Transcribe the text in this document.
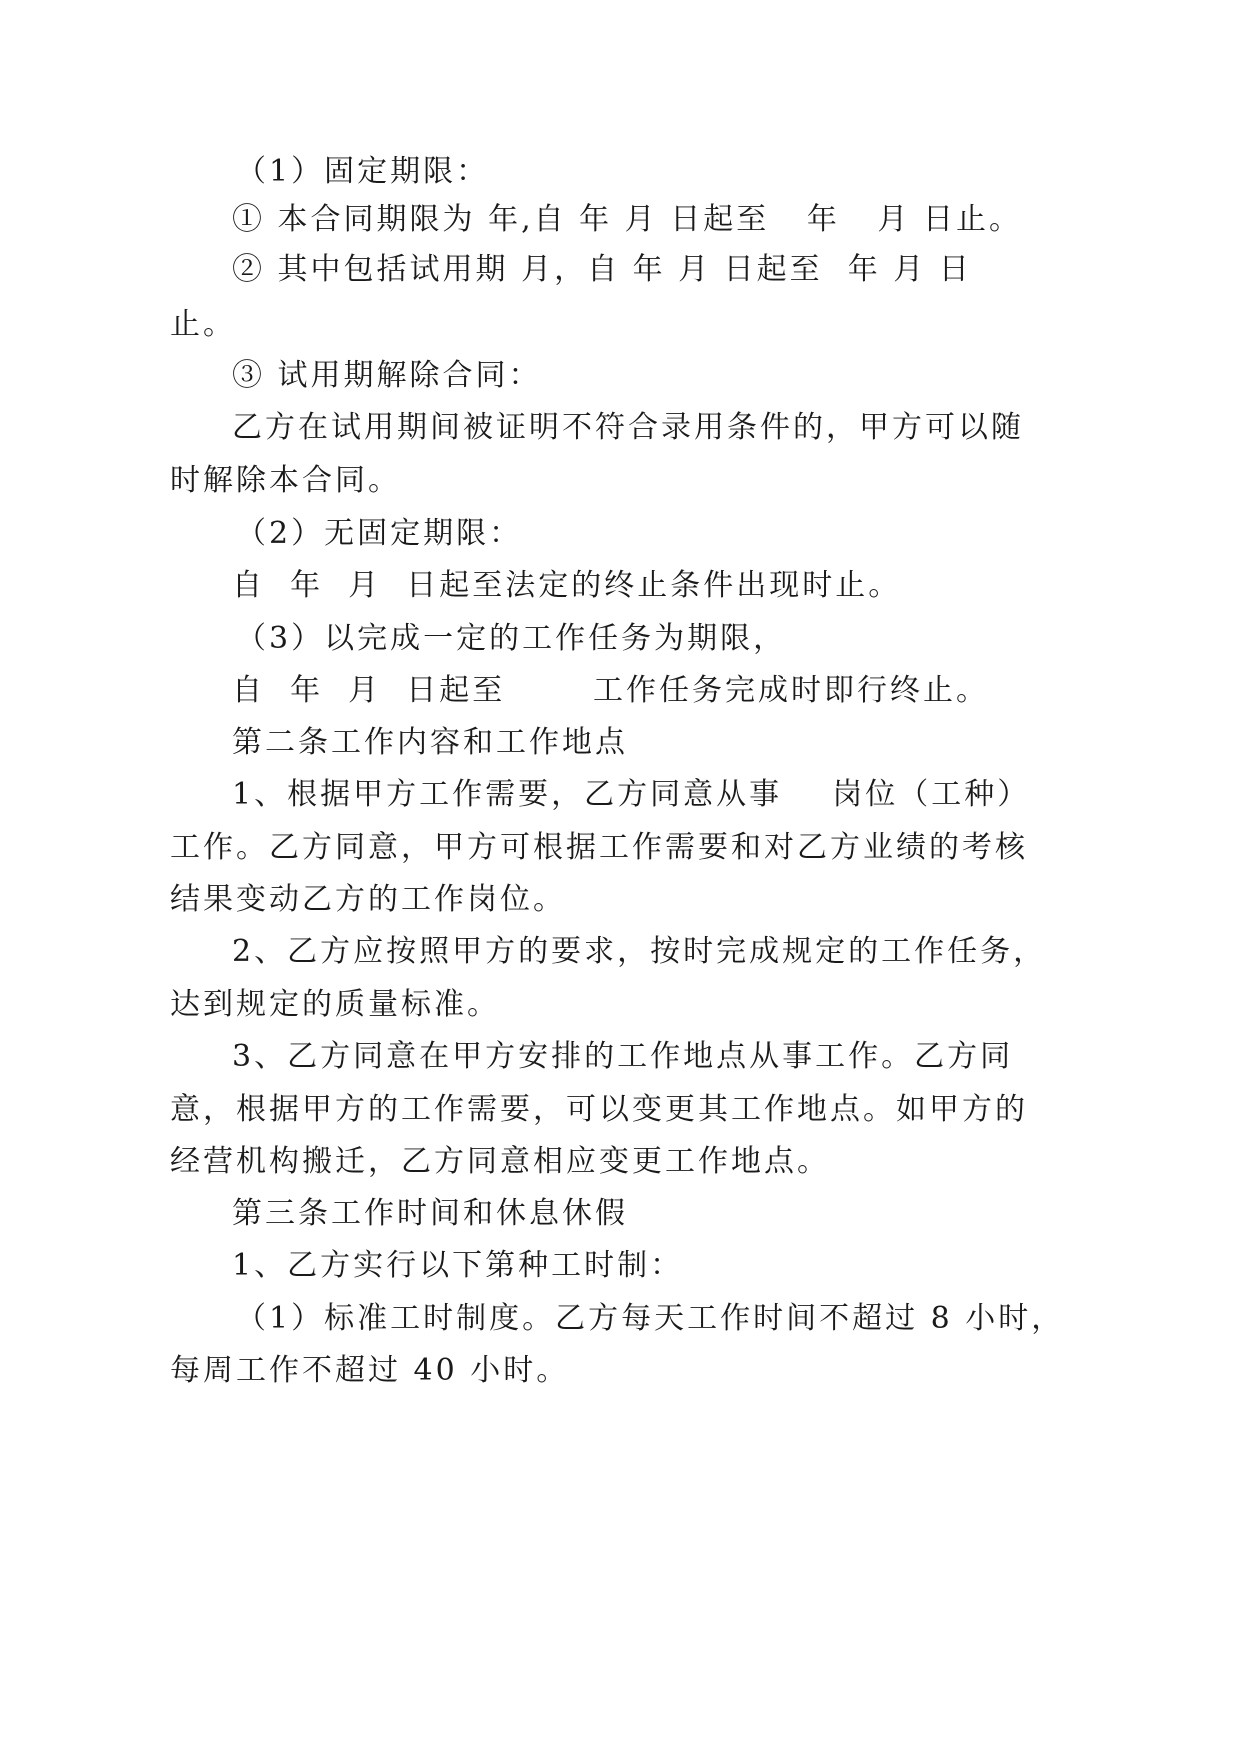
（1）固定期限：
① 本合同期限为 年,自 年 月 日起至   年   月 日止。
② 其中包括试用期 月，自 年 月 日起至  年 月 日
止。
③ 试用期解除合同：
乙方在试用期间被证明不符合录用条件的，甲方可以随
时解除本合同。
（2）无固定期限：
自  年  月  日起至法定的终止条件出现时止。
（3）以完成一定的工作任务为期限，
自  年  月  日起至       工作任务完成时即行终止。
第二条工作内容和工作地点
1、根据甲方工作需要，乙方同意从事    岗位（工种）
工作。乙方同意，甲方可根据工作需要和对乙方业绩的考核
结果变动乙方的工作岗位。
2、乙方应按照甲方的要求，按时完成规定的工作任务，
达到规定的质量标准。
3、乙方同意在甲方安排的工作地点从事工作。乙方同
意，根据甲方的工作需要，可以变更其工作地点。如甲方的
经营机构搬迁，乙方同意相应变更工作地点。
第三条工作时间和休息休假
1、乙方实行以下第种工时制：
（1）标准工时制度。乙方每天工作时间不超过 8 小时，
每周工作不超过 40 小时。
